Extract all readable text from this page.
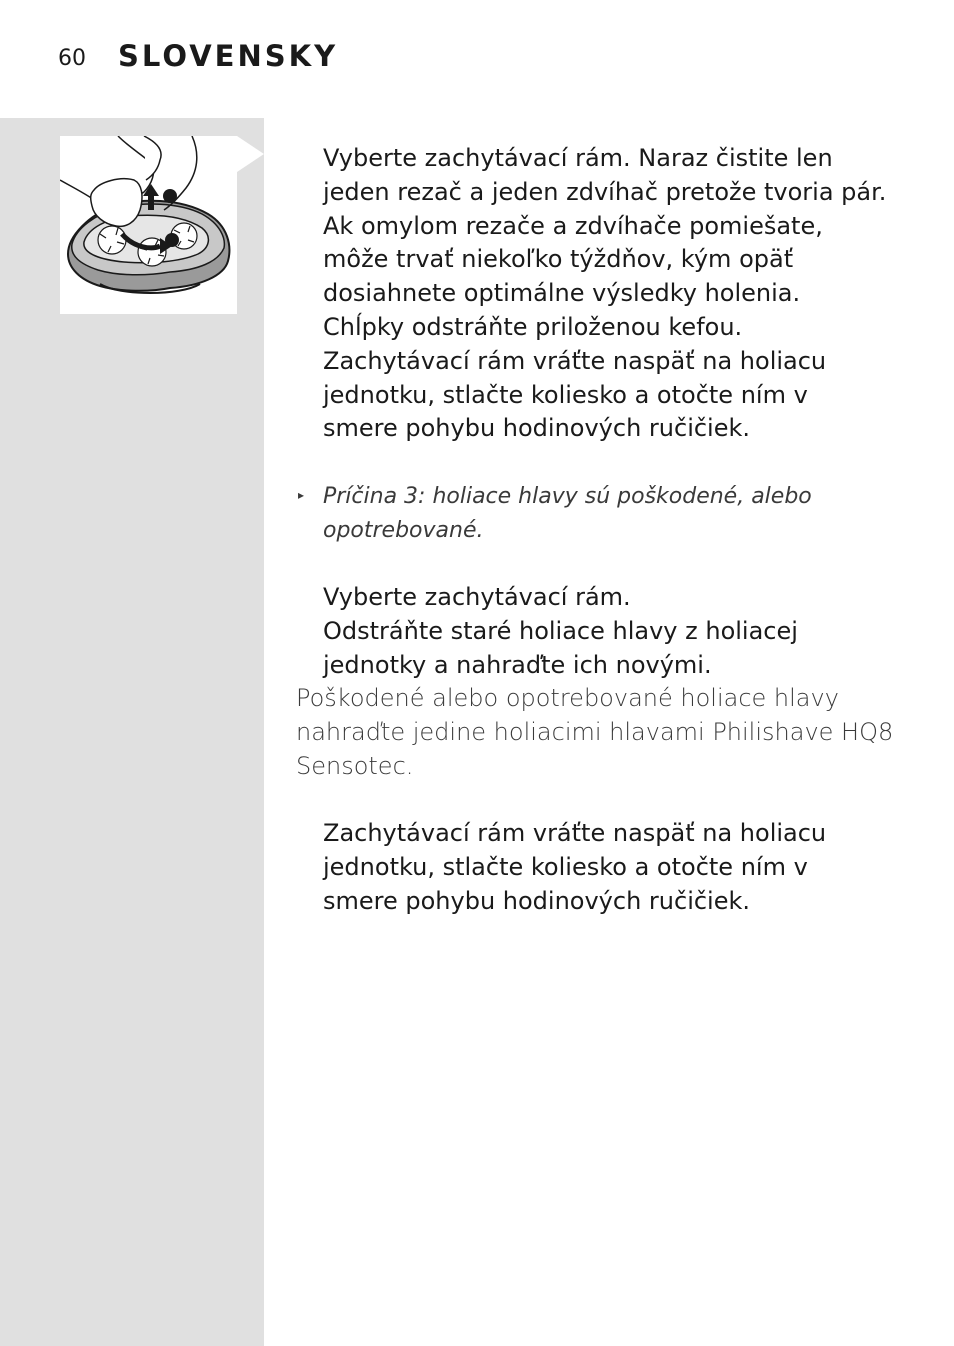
60 SLOVENSKY

Vyberte zachytávací rám. Naraz čistite len

jeden rezač a jeden zdvíhač pretože tvoria pár.

Ak omylom rezače a zdvíhače pomiešate,

môže trvať niekoľko týždňov, kým opäť

dosiahnete optimálne výsledky holenia.

Chĺpky odstráňte priloženou kefou.

Zachytávací rám vráťte naspäť na holiacu

jednotku, stlačte koliesko a otočte ním v

smere pohybu hodinových ručičiek.

▸ Príčina 3: holiace hlavy sú poškodené, alebo
opotrebované.

Vyberte zachytávací rám.

Odstráňte staré holiace hlavy z holiacej

jednotky a nahraďte ich novými.

Poškodené alebo opotrebované holiace hlavy

nahraďte jedine holiacimi hlavami Philishave HQ8

Sensotec.

Zachytávací rám vráťte naspäť na holiacu

jednotku, stlačte koliesko a otočte ním v

smere pohybu hodinových ručičiek.
